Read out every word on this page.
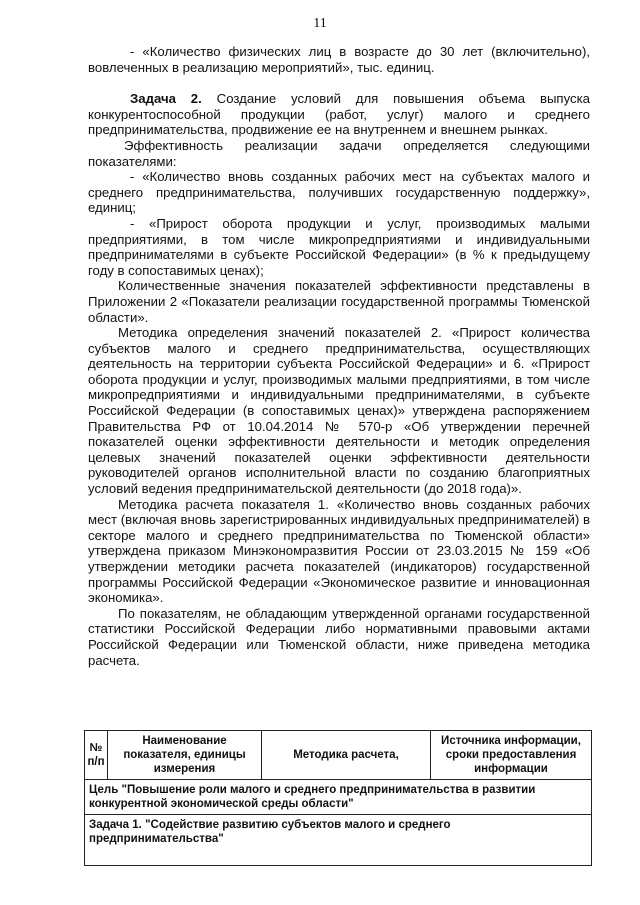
11

- «Количество физических лиц в возрасте до 30 лет (включительно), вовлеченных в реализацию мероприятий», тыс. единиц.

Задача 2. Создание условий для повышения объема выпуска конкурентоспособной продукции (работ, услуг) малого и среднего предпринимательства, продвижение ее на внутреннем и внешнем рынках.

Эффективность реализации задачи определяется следующими показателями:

- «Количество вновь созданных рабочих мест на субъектах малого и среднего предпринимательства, получивших государственную поддержку», единиц;

- «Прирост оборота продукции и услуг, производимых малыми предприятиями, в том числе микропредприятиями и индивидуальными предпринимателями в субъекте Российской Федерации» (в % к предыдущему году в сопоставимых ценах);

Количественные значения показателей эффективности представлены в Приложении 2 «Показатели реализации государственной программы Тюменской области».

Методика определения значений показателей 2. «Прирост количества субъектов малого и среднего предпринимательства, осуществляющих деятельность на территории субъекта Российской Федерации» и 6. «Прирост оборота продукции и услуг, производимых малыми предприятиями, в том числе микропредприятиями и индивидуальными предпринимателями, в субъекте Российской Федерации (в сопоставимых ценах)» утверждена распоряжением Правительства РФ от 10.04.2014 № 570-р «Об утверждении перечней показателей оценки эффективности деятельности и методик определения целевых значений показателей оценки эффективности деятельности руководителей органов исполнительной власти по созданию благоприятных условий ведения предпринимательской деятельности (до 2018 года)».

Методика расчета показателя 1. «Количество вновь созданных рабочих мест (включая вновь зарегистрированных индивидуальных предпринимателей) в секторе малого и среднего предпринимательства по Тюменской области» утверждена приказом Минэкономразвития России от 23.03.2015 № 159 «Об утверждении методики расчета показателей (индикаторов) государственной программы Российской Федерации «Экономическое развитие и инновационная экономика».

По показателям, не обладающим утвержденной органами государственной статистики Российской Федерации либо нормативными правовыми актами Российской Федерации или Тюменской области, ниже приведена методика расчета.

№ п/п	Наименование показателя, единицы измерения	Методика расчета,	Источника информации, сроки предоставления информации
Цель "Повышение роли малого и среднего предпринимательства в развитии конкурентной экономической среды области"
Задача 1. "Содействие развитию субъектов малого и среднего предпринимательства"
